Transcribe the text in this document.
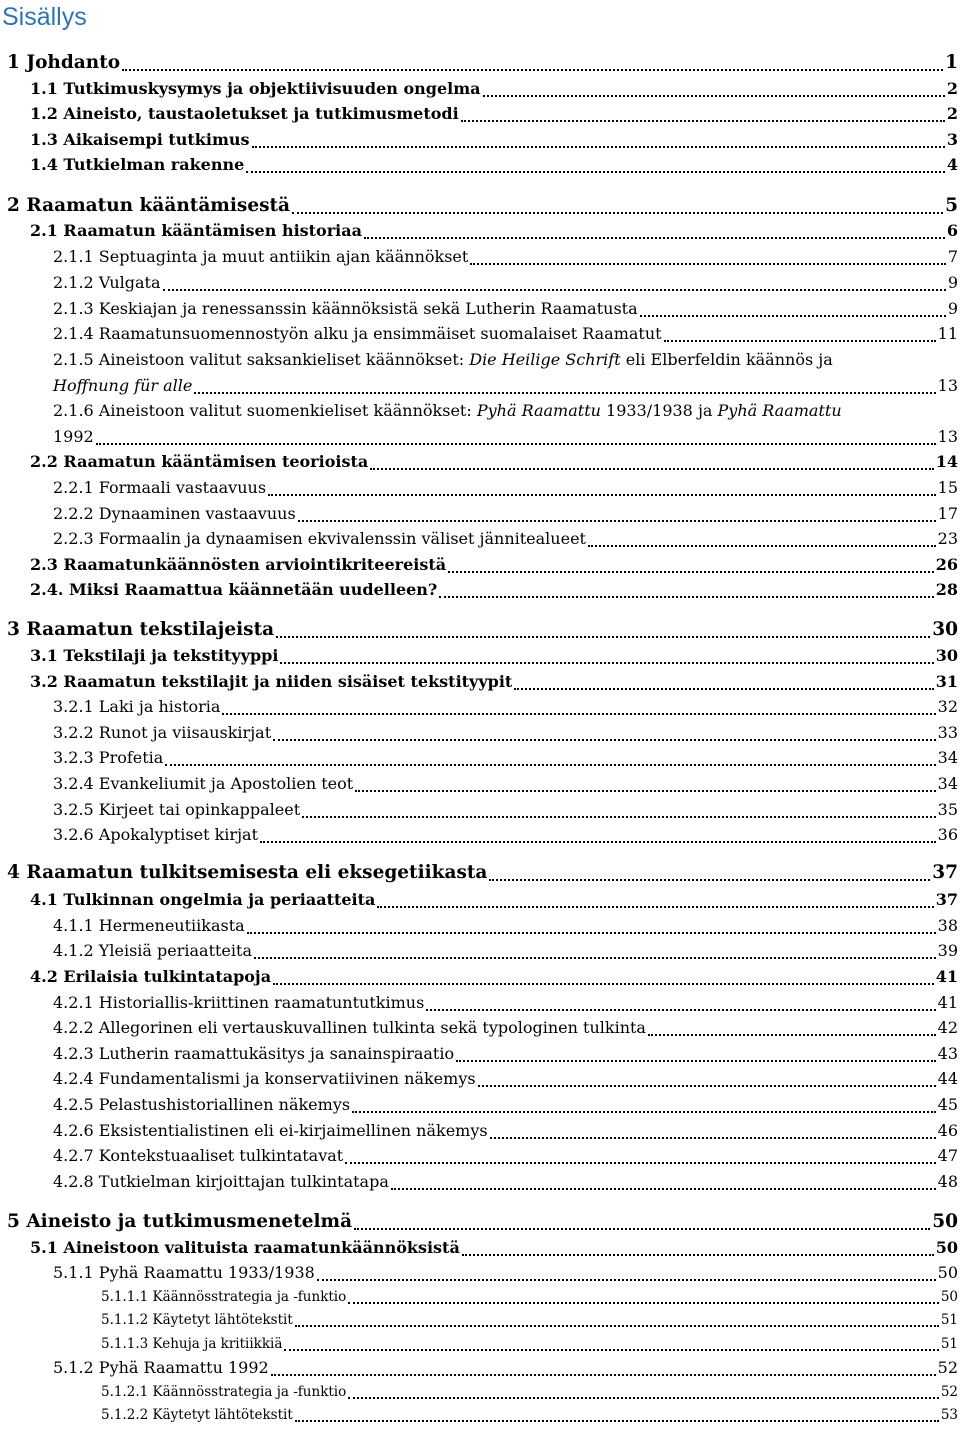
Sisällys
1 Johdanto	1
1.1 Tutkimuskysymys ja objektiivisuuden ongelma	2
1.2 Aineisto, taustaoletukset ja tutkimusmetodi	2
1.3 Aikaisempi tutkimus	3
1.4 Tutkielman rakenne	4
2 Raamatun kääntämisestä	5
2.1 Raamatun kääntämisen historiaa	6
2.1.1 Septuaginta ja muut antiikin ajan käännökset	7
2.1.2 Vulgata	9
2.1.3 Keskiajan ja renessanssin käännöksistä sekä Lutherin Raamatusta	9
2.1.4 Raamatunsuomennostyön alku ja ensimmäiset suomalaiset Raamatut	11
2.1.5 Aineistoon valitut saksankieliset käännökset: Die Heilige Schrift eli Elberfeldin käännös ja
Hoffnung für alle	13
2.1.6 Aineistoon valitut suomenkieliset käännökset: Pyhä Raamattu 1933/1938 ja Pyhä Raamattu
1992	13
2.2 Raamatun kääntämisen teorioista	14
2.2.1 Formaali vastaavuus	15
2.2.2 Dynaaminen vastaavuus	17
2.2.3 Formaalin ja dynaamisen ekvivalenssin väliset jännitealueet	23
2.3 Raamatunkäännösten arviointikriteereistä	26
2.4. Miksi Raamattua käännetään uudelleen?	28
3 Raamatun tekstilajeista	30
3.1 Tekstilaji ja tekstityyppi	30
3.2 Raamatun tekstilajit ja niiden sisäiset tekstityypit	31
3.2.1 Laki ja historia	32
3.2.2 Runot ja viisauskirjat	33
3.2.3 Profetia	34
3.2.4 Evankeliumit ja Apostolien teot	34
3.2.5 Kirjeet tai opinkappaleet	35
3.2.6 Apokalyptiset kirjat	36
4 Raamatun tulkitsemisesta eli eksegetiikasta	37
4.1 Tulkinnan ongelmia ja periaatteita	37
4.1.1 Hermeneutiikasta	38
4.1.2 Yleisiä periaatteita	39
4.2 Erilaisia tulkintatapoja	41
4.2.1 Historiallis-kriittinen raamatuntutkimus	41
4.2.2 Allegorinen eli vertauskuvallinen tulkinta sekä typologinen tulkinta	42
4.2.3 Lutherin raamattukäsitys ja sanainspiraatio	43
4.2.4 Fundamentalismi ja konservatiivinen näkemys	44
4.2.5 Pelastushistoriallinen näkemys	45
4.2.6 Eksistentialistinen eli ei-kirjaimellinen näkemys	46
4.2.7 Kontekstuaaliset tulkintatavat	47
4.2.8 Tutkielman kirjoittajan tulkintatapa	48
5 Aineisto ja tutkimusmenetelmä	50
5.1 Aineistoon valituista raamatunkäännöksistä	50
5.1.1 Pyhä Raamattu 1933/1938	50
5.1.1.1 Käännösstrategia ja -funktio	50
5.1.1.2 Käytetyt lähtötekstit	51
5.1.1.3 Kehuja ja kritiikkiä	51
5.1.2 Pyhä Raamattu 1992	52
5.1.2.1 Käännösstrategia ja -funktio	52
5.1.2.2 Käytetyt lähtötekstit	53
